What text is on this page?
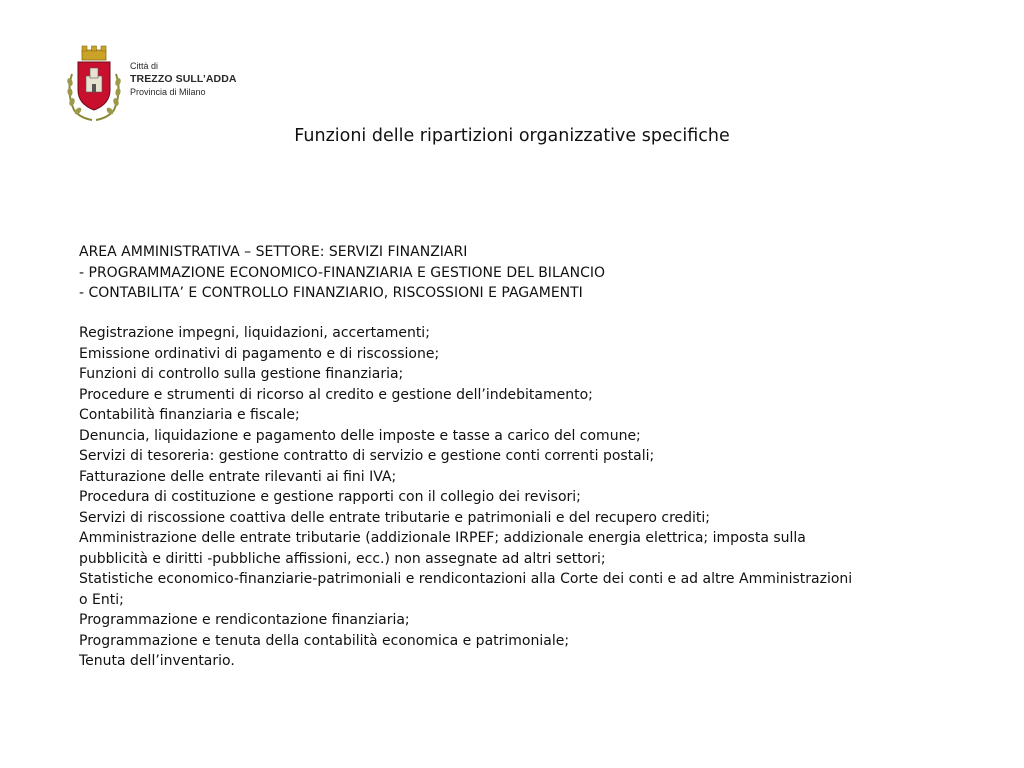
Città di
TREZZO SULL’ADDA
Provincia di Milano
Funzioni delle ripartizioni organizzative specifiche
AREA AMMINISTRATIVA – SETTORE: SERVIZI FINANZIARI
- PROGRAMMAZIONE ECONOMICO-FINANZIARIA E GESTIONE DEL BILANCIO
- CONTABILITA’ E CONTROLLO FINANZIARIO, RISCOSSIONI E PAGAMENTI
Registrazione impegni, liquidazioni, accertamenti;
Emissione ordinativi di pagamento e di riscossione;
Funzioni di controllo sulla gestione finanziaria;
Procedure e strumenti di ricorso al credito e gestione dell’indebitamento;
Contabilità finanziaria e fiscale;
Denuncia, liquidazione e pagamento delle imposte e tasse a carico del comune;
Servizi di tesoreria: gestione contratto di servizio e gestione conti correnti postali;
Fatturazione delle entrate rilevanti ai fini IVA;
Procedura di costituzione e gestione rapporti con il collegio dei revisori;
Servizi di riscossione coattiva delle entrate tributarie e patrimoniali e del recupero crediti;
Amministrazione delle entrate tributarie (addizionale IRPEF; addizionale energia elettrica; imposta sulla
pubblicità e diritti -pubbliche affissioni, ecc.) non assegnate ad altri settori;
Statistiche economico-finanziarie-patrimoniali e rendicontazioni alla Corte dei conti e ad altre Amministrazioni
o Enti;
Programmazione e rendicontazione finanziaria;
Programmazione e tenuta della contabilità economica e patrimoniale;
Tenuta dell’inventario.
